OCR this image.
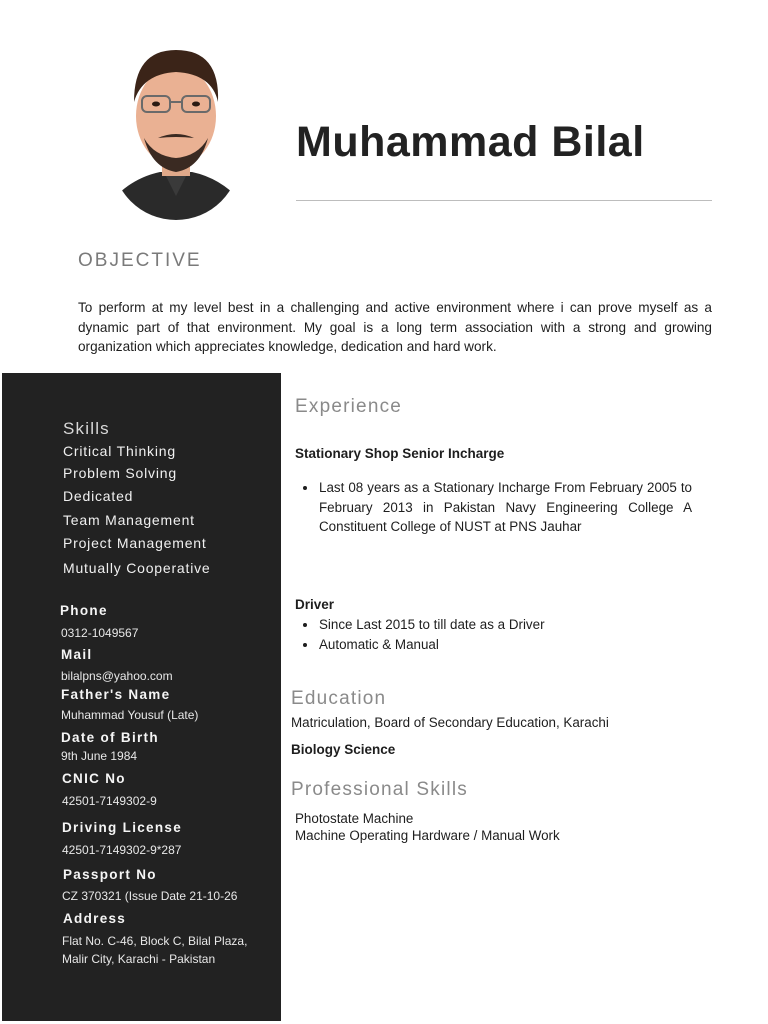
Muhammad Bilal
OBJECTIVE
To perform at my level best in a challenging and active environment where i can prove myself as a dynamic part of that environment. My goal is a long term association with a strong and growing organization which appreciates knowledge, dedication and hard work.
Skills
Critical Thinking
Problem Solving
Dedicated
Team Management
Project Management
Mutually Cooperative
Phone
0312-1049567
Mail
bilalpns@yahoo.com
Father's Name
Muhammad Yousuf (Late)
Date of Birth
9th June 1984
CNIC No
42501-7149302-9
Driving License
42501-7149302-9*287
Passport No
CZ 370321 (Issue Date 21-10-26
Address
Flat No. C-46, Block C, Bilal Plaza, Malir City, Karachi - Pakistan
Experience
Stationary Shop Senior Incharge
Last 08 years as a Stationary Incharge From February 2005 to February 2013 in Pakistan Navy Engineering College A Constituent College of NUST at PNS Jauhar
Driver
Since Last 2015 to till date as a Driver
Automatic & Manual
Education
Matriculation, Board of Secondary Education, Karachi
Biology Science
Professional Skills
Photostate Machine
Machine Operating Hardware / Manual Work
